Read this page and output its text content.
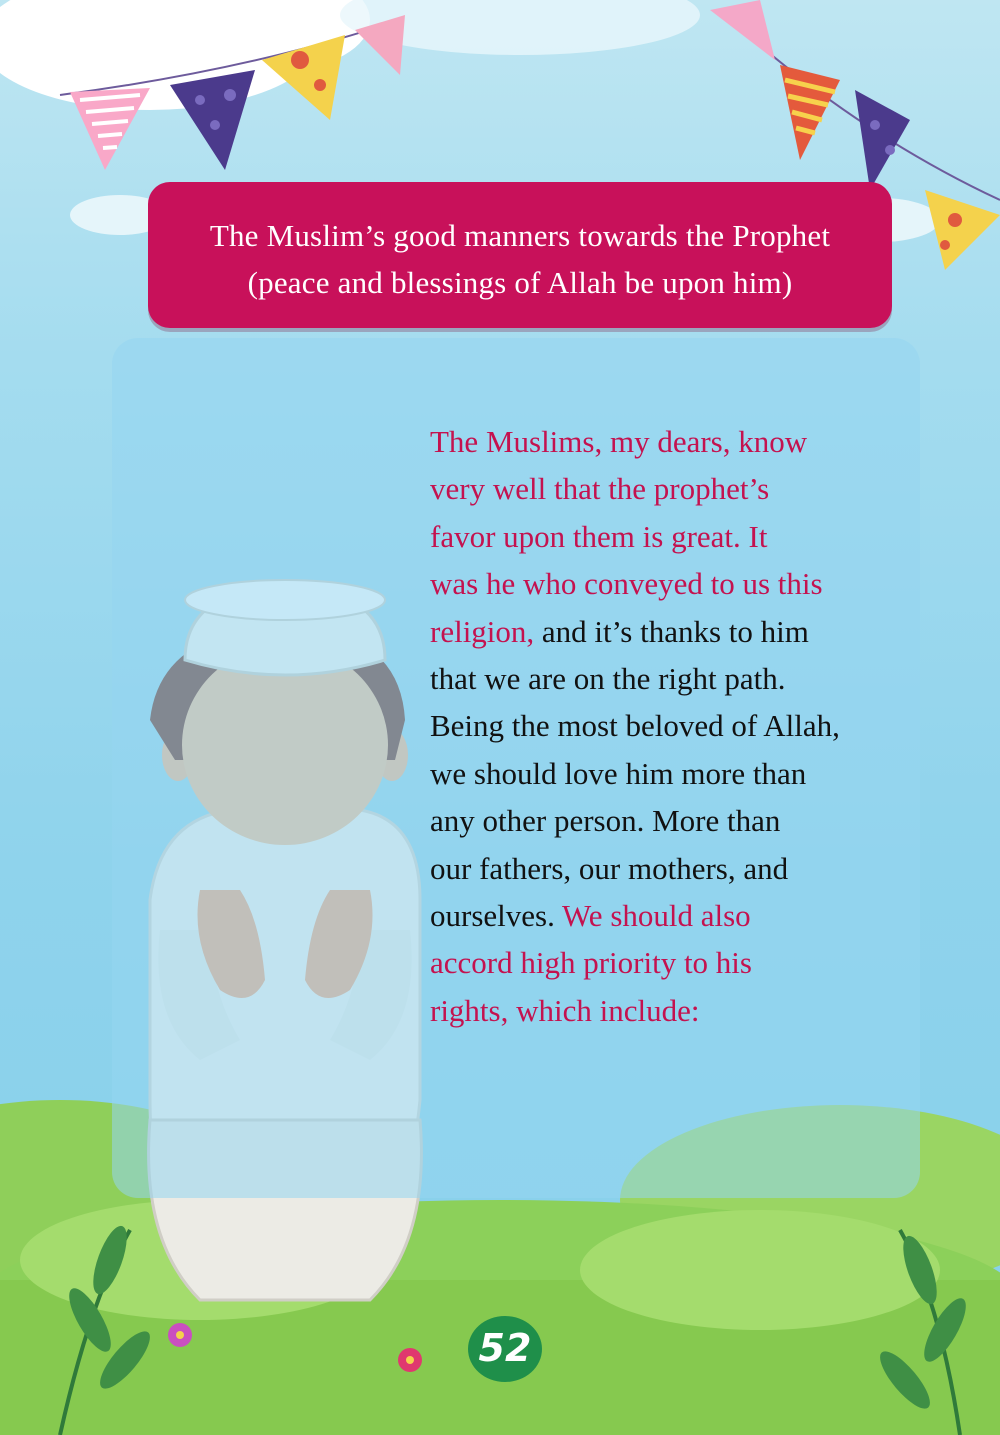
The Muslim’s good manners towards the Prophet
(peace and blessings of Allah be upon him)
The Muslims, my dears, know
very well that the prophet’s
favor upon them is great. It
was he who conveyed to us this
religion, and it’s thanks to him
that we are on the right path.
Being the most beloved of Allah,
we should love him more than
any other person. More than
our fathers, our mothers, and
ourselves. We should also
accord high priority to his
rights, which include:
52
